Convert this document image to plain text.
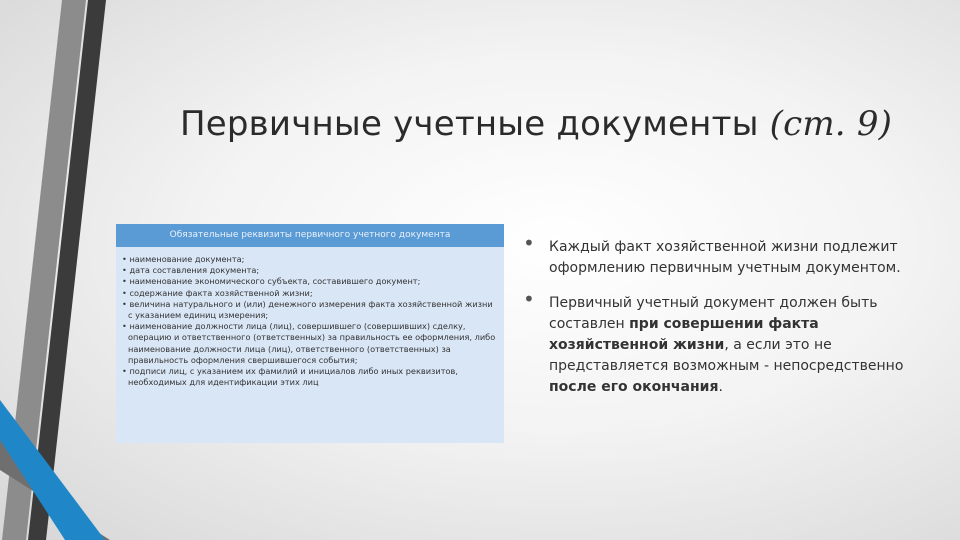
Первичные учетные документы (ст. 9)
Обязательные реквизиты первичного учетного документа
• наименование документа;
• дата составления документа;
• наименование экономического субъекта, составившего документ;
• содержание факта хозяйственной жизни;
• величина натурального и (или) денежного измерения факта хозяйственной жизни с указанием единиц измерения;
• наименование должности лица (лиц), совершившего (совершивших) сделку, операцию и ответственного (ответственных) за правильность ее оформления, либо наименование должности лица (лиц), ответственного (ответственных) за правильность оформления свершившегося события;
• подписи лиц, с указанием их фамилий и инициалов либо иных реквизитов, необходимых для идентификации этих лиц
• Каждый факт хозяйственной жизни подлежит оформлению первичным учетным документом.
• Первичный учетный документ должен быть составлен при совершении факта хозяйственной жизни, а если это не представляется возможным - непосредственно после его окончания.
